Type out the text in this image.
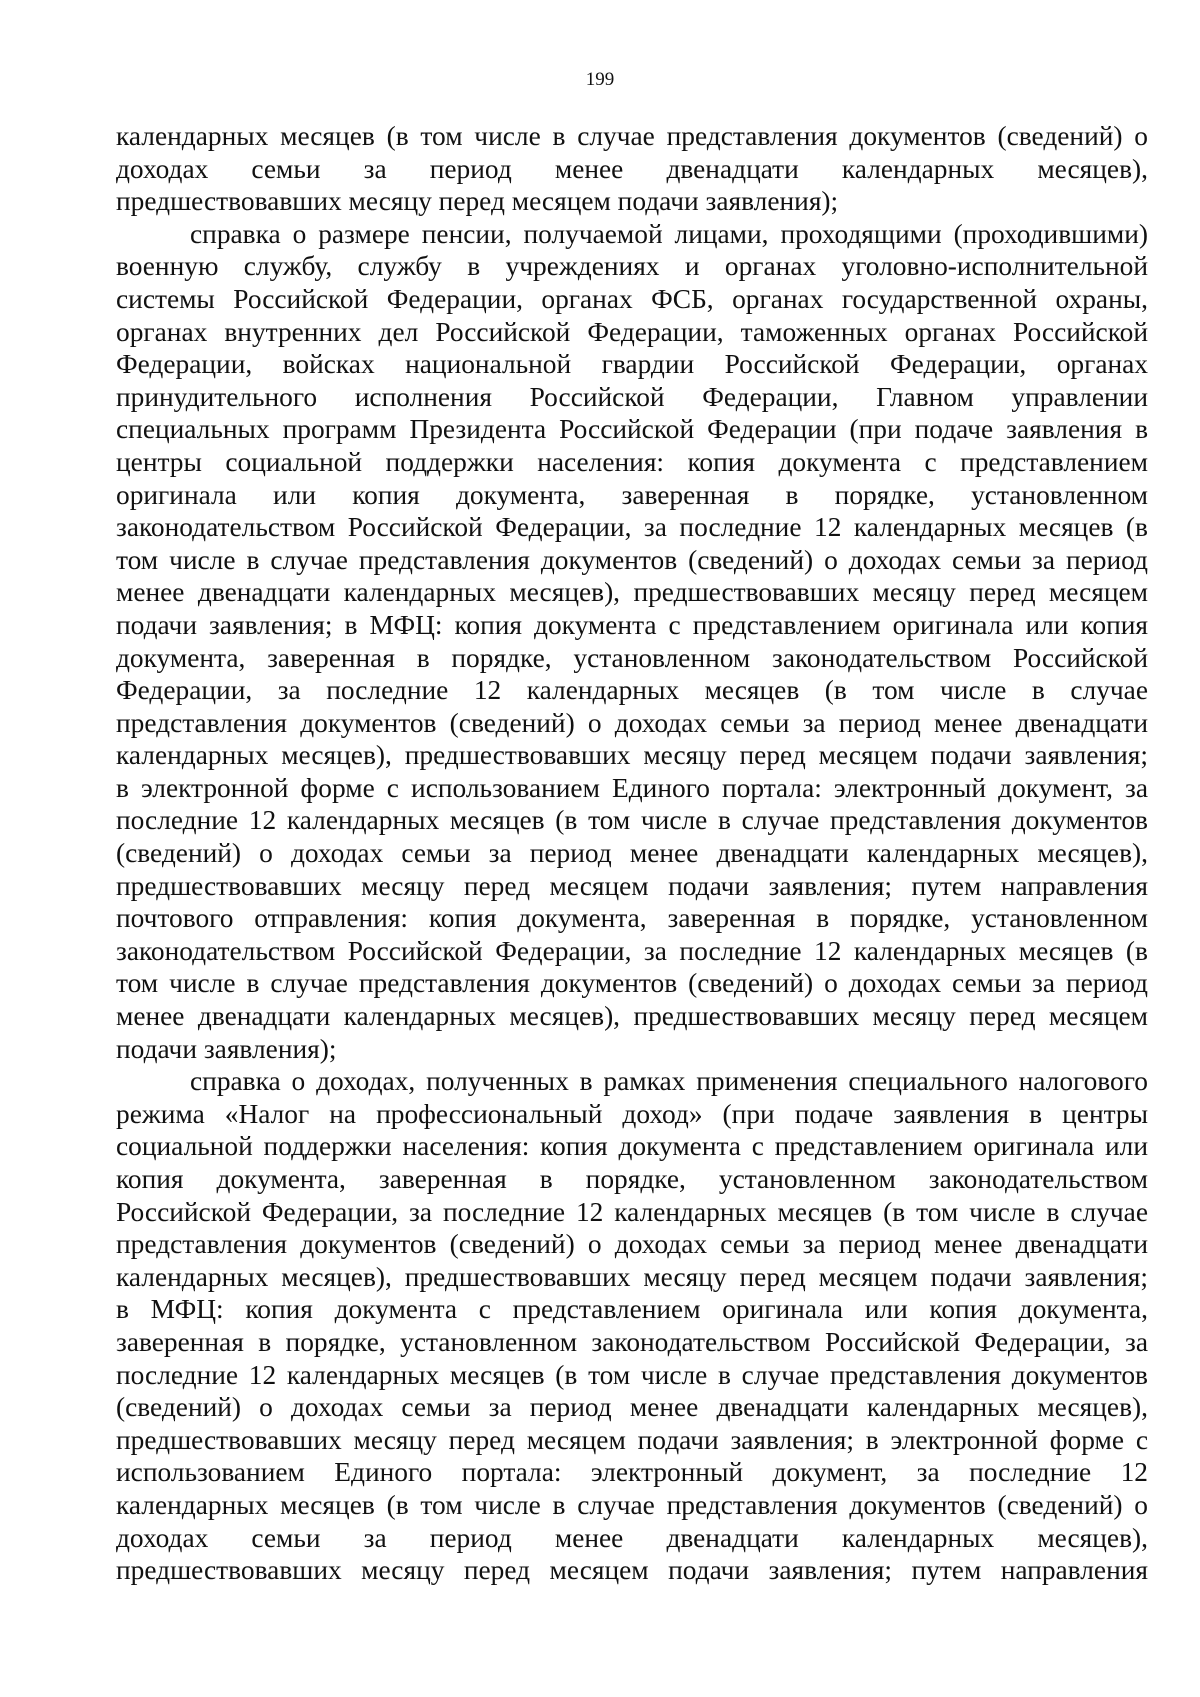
199
календарных месяцев (в том числе в случае представления документов (сведений) о
доходах семьи за период менее двенадцати календарных месяцев),
предшествовавших месяцу перед месяцем подачи заявления);
справка о размере пенсии, получаемой лицами, проходящими (проходившими)
военную службу, службу в учреждениях и органах уголовно-исполнительной
системы Российской Федерации, органах ФСБ, органах государственной охраны,
органах внутренних дел Российской Федерации, таможенных органах Российской
Федерации, войсках национальной гвардии Российской Федерации, органах
принудительного исполнения Российской Федерации, Главном управлении
специальных программ Президента Российской Федерации (при подаче заявления в
центры социальной поддержки населения: копия документа с представлением
оригинала или копия документа, заверенная в порядке, установленном
законодательством Российской Федерации, за последние 12 календарных месяцев (в
том числе в случае представления документов (сведений) о доходах семьи за период
менее двенадцати календарных месяцев), предшествовавших месяцу перед месяцем
подачи заявления; в МФЦ: копия документа с представлением оригинала или копия
документа, заверенная в порядке, установленном законодательством Российской
Федерации, за последние 12 календарных месяцев (в том числе в случае
представления документов (сведений) о доходах семьи за период менее двенадцати
календарных месяцев), предшествовавших месяцу перед месяцем подачи заявления;
в электронной форме с использованием Единого портала: электронный документ, за
последние 12 календарных месяцев (в том числе в случае представления документов
(сведений) о доходах семьи за период менее двенадцати календарных месяцев),
предшествовавших месяцу перед месяцем подачи заявления; путем направления
почтового отправления: копия документа, заверенная в порядке, установленном
законодательством Российской Федерации, за последние 12 календарных месяцев (в
том числе в случае представления документов (сведений) о доходах семьи за период
менее двенадцати календарных месяцев), предшествовавших месяцу перед месяцем
подачи заявления);
справка о доходах, полученных в рамках применения специального налогового
режима «Налог на профессиональный доход» (при подаче заявления в центры
социальной поддержки населения: копия документа с представлением оригинала или
копия документа, заверенная в порядке, установленном законодательством
Российской Федерации, за последние 12 календарных месяцев (в том числе в случае
представления документов (сведений) о доходах семьи за период менее двенадцати
календарных месяцев), предшествовавших месяцу перед месяцем подачи заявления;
в МФЦ: копия документа с представлением оригинала или копия документа,
заверенная в порядке, установленном законодательством Российской Федерации, за
последние 12 календарных месяцев (в том числе в случае представления документов
(сведений) о доходах семьи за период менее двенадцати календарных месяцев),
предшествовавших месяцу перед месяцем подачи заявления; в электронной форме с
использованием Единого портала: электронный документ, за последние 12
календарных месяцев (в том числе в случае представления документов (сведений) о
доходах семьи за период менее двенадцати календарных месяцев),
предшествовавших месяцу перед месяцем подачи заявления; путем направления
